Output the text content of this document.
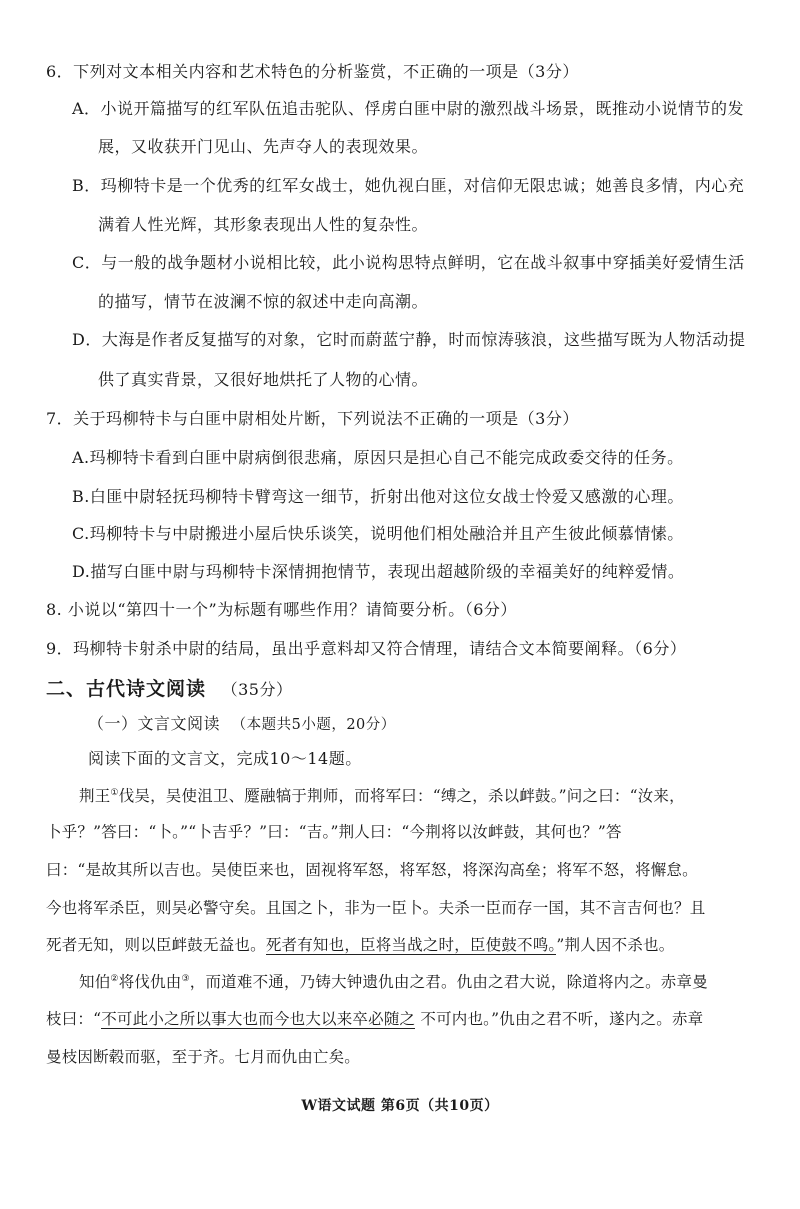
6．下列对文本相关内容和艺术特色的分析鉴赏，不正确的一项是（3分）
A．小说开篇描写的红军队伍追击驼队、俘虏白匪中尉的激烈战斗场景，既推动小说情节的发
展，又收获开门见山、先声夺人的表现效果。
B．玛柳特卡是一个优秀的红军女战士，她仇视白匪，对信仰无限忠诚；她善良多情，内心充
满着人性光辉，其形象表现出人性的复杂性。
C．与一般的战争题材小说相比较，此小说构思特点鲜明，它在战斗叙事中穿插美好爱情生活
的描写，情节在波澜不惊的叙述中走向高潮。
D．大海是作者反复描写的对象，它时而蔚蓝宁静，时而惊涛骇浪，这些描写既为人物活动提
供了真实背景，又很好地烘托了人物的心情。
7．关于玛柳特卡与白匪中尉相处片断，下列说法不正确的一项是（3分）
A.玛柳特卡看到白匪中尉病倒很悲痛，原因只是担心自己不能完成政委交待的任务。
B.白匪中尉轻抚玛柳特卡臂弯这一细节，折射出他对这位女战士怜爱又感激的心理。
C.玛柳特卡与中尉搬进小屋后快乐谈笑，说明他们相处融洽并且产生彼此倾慕情愫。
D.描写白匪中尉与玛柳特卡深情拥抱情节，表现出超越阶级的幸福美好的纯粹爱情。
8. 小说以“第四十一个”为标题有哪些作用？请简要分析。（6分）
9．玛柳特卡射杀中尉的结局，虽出乎意料却又符合情理，请结合文本简要阐释。（6分）
二、古代诗文阅读 （35分）
（一）文言文阅读 （本题共5小题，20分）
阅读下面的文言文，完成10～14题。
荆王①伐吴，吴使沮卫、蹷融犒于荆师，而将军曰：“缚之，杀以衅鼓。”问之曰：“汝来，
卜乎？”答曰：“卜。”“卜吉乎？”曰：“吉。”荆人曰：“今荆将以汝衅鼓，其何也？”答
曰：“是故其所以吉也。吴使臣来也，固视将军怒，将军怒，将深沟高垒；将军不怒，将懈怠。
今也将军杀臣，则吴必警守矣。且国之卜，非为一臣卜。夫杀一臣而存一国，其不言吉何也？且
死者无知，则以臣衅鼓无益也。死者有知也，臣将当战之时，臣使鼓不鸣。”荆人因不杀也。
知伯②将伐仇由③，而道难不通，乃铸大钟遗仇由之君。仇由之君大说，除道将内之。赤章曼
枝曰：“不可此小之所以事大也而今也大以来卒必随之 不可内也。”仇由之君不听，遂内之。赤章
曼枝因断毂而驱，至于齐。七月而仇由亡矣。
W语文试题 第6页（共10页）
